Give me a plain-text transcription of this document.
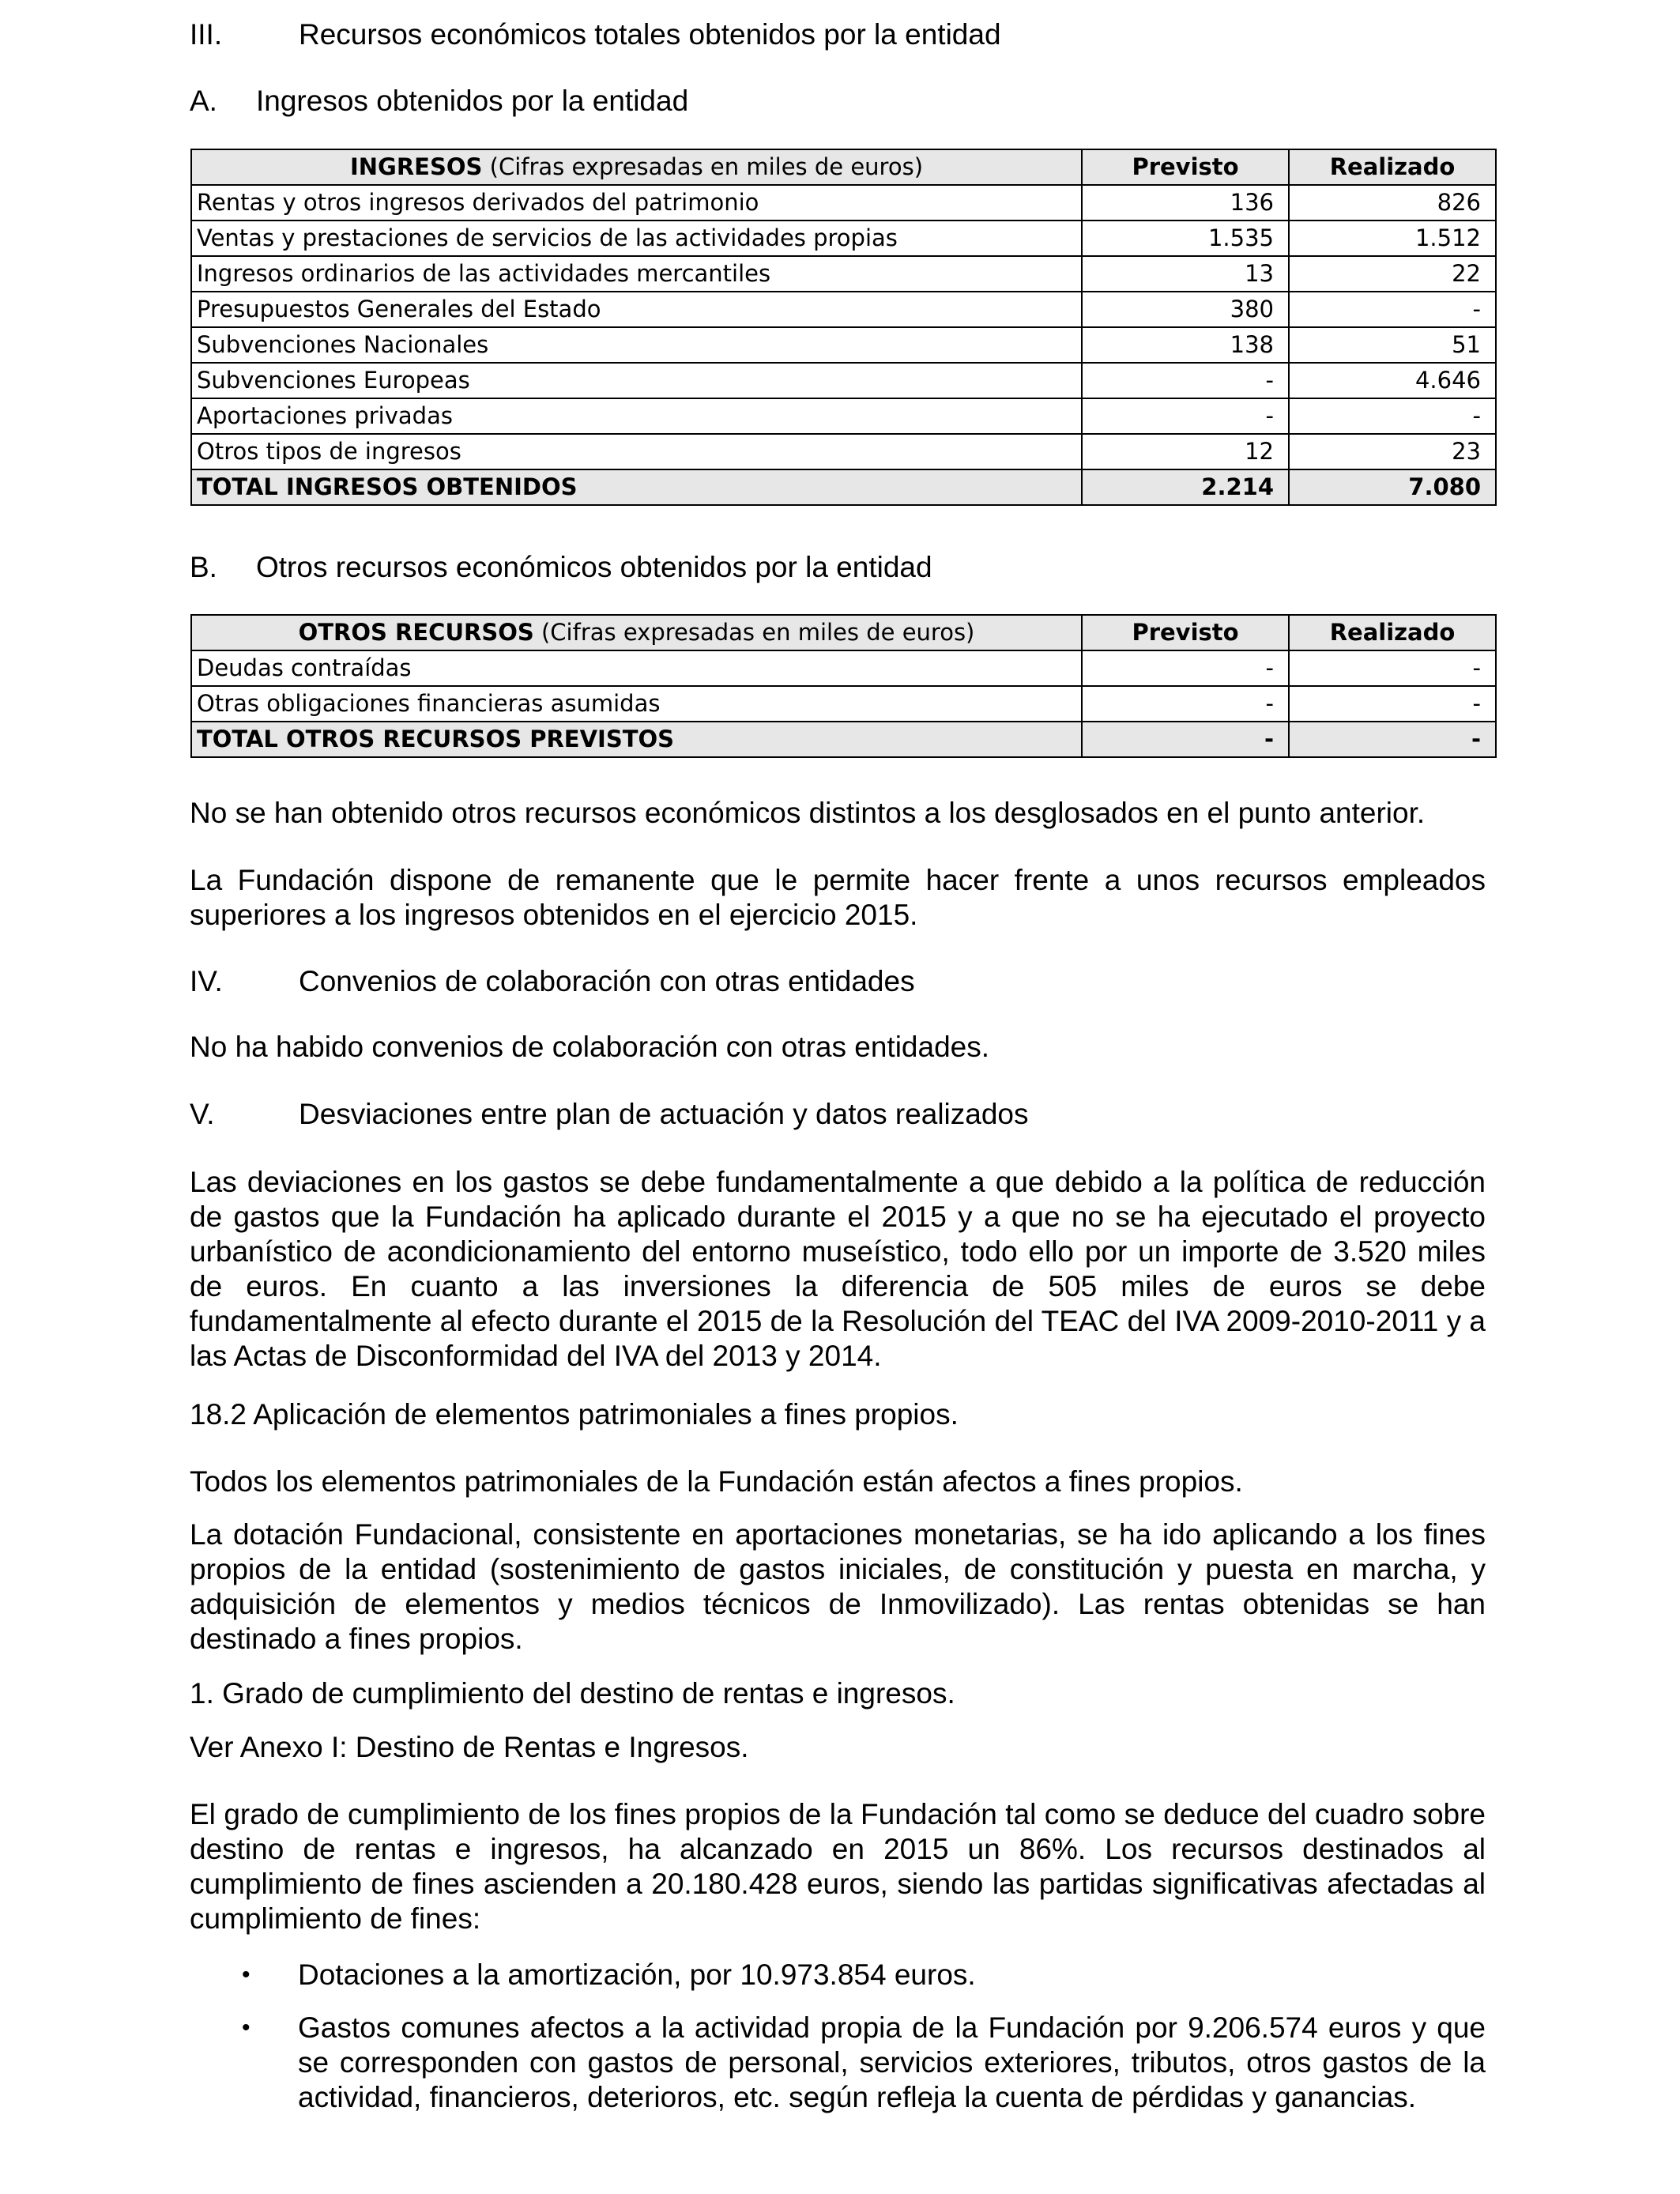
III.	Recursos económicos totales obtenidos por la entidad
A. Ingresos obtenidos por la entidad
INGRESOS (Cifras expresadas en miles de euros)	Previsto	Realizado
Rentas y otros ingresos derivados del patrimonio	136	826
Ventas y prestaciones de servicios de las actividades propias	1.535	1.512
Ingresos ordinarios de las actividades mercantiles	13	22
Presupuestos Generales del Estado	380	-
Subvenciones Nacionales	138	51
Subvenciones Europeas	-	4.646
Aportaciones privadas	-	-
Otros tipos de ingresos	12	23
TOTAL INGRESOS OBTENIDOS	2.214	7.080
B. Otros recursos económicos obtenidos por la entidad
OTROS RECURSOS (Cifras expresadas en miles de euros)	Previsto	Realizado
Deudas contraídas	-	-
Otras obligaciones financieras asumidas	-	-
TOTAL OTROS RECURSOS PREVISTOS	-	-
No se han obtenido otros recursos económicos distintos a los desglosados en el punto anterior.
La Fundación dispone de remanente que le permite hacer frente a unos recursos empleados superiores a los ingresos obtenidos en el ejercicio 2015.
IV.	Convenios de colaboración con otras entidades
No ha habido convenios de colaboración con otras entidades.
V.	Desviaciones entre plan de actuación y datos realizados
Las deviaciones en los gastos se debe fundamentalmente a que debido a la política de reducción de gastos que la Fundación ha aplicado durante el 2015 y a que no se ha ejecutado el proyecto urbanístico de acondicionamiento del entorno museístico, todo ello por un importe de 3.520 miles de euros. En cuanto a las inversiones la diferencia de 505 miles de euros se debe fundamentalmente al efecto durante el 2015 de la Resolución del TEAC del IVA 2009-2010-2011 y a las Actas de Disconformidad del IVA del 2013 y 2014.
18.2 Aplicación de elementos patrimoniales a fines propios.
Todos los elementos patrimoniales de la Fundación están afectos a fines propios.
La dotación Fundacional, consistente en aportaciones monetarias, se ha ido aplicando a los fines propios de la entidad (sostenimiento de gastos iniciales, de constitución y puesta en marcha, y adquisición de elementos y medios técnicos de Inmovilizado). Las rentas obtenidas se han destinado a fines propios.
1. Grado de cumplimiento del destino de rentas e ingresos.
Ver Anexo I: Destino de Rentas e Ingresos.
El grado de cumplimiento de los fines propios de la Fundación tal como se deduce del cuadro sobre destino de rentas e ingresos, ha alcanzado en 2015 un 86%. Los recursos destinados al cumplimiento de fines ascienden a 20.180.428 euros, siendo las partidas significativas afectadas al cumplimiento de fines:
• Dotaciones a la amortización, por 10.973.854 euros.
• Gastos comunes afectos a la actividad propia de la Fundación por 9.206.574 euros y que se corresponden con gastos de personal, servicios exteriores, tributos, otros gastos de la actividad, financieros, deterioros, etc. según refleja la cuenta de pérdidas y ganancias.
